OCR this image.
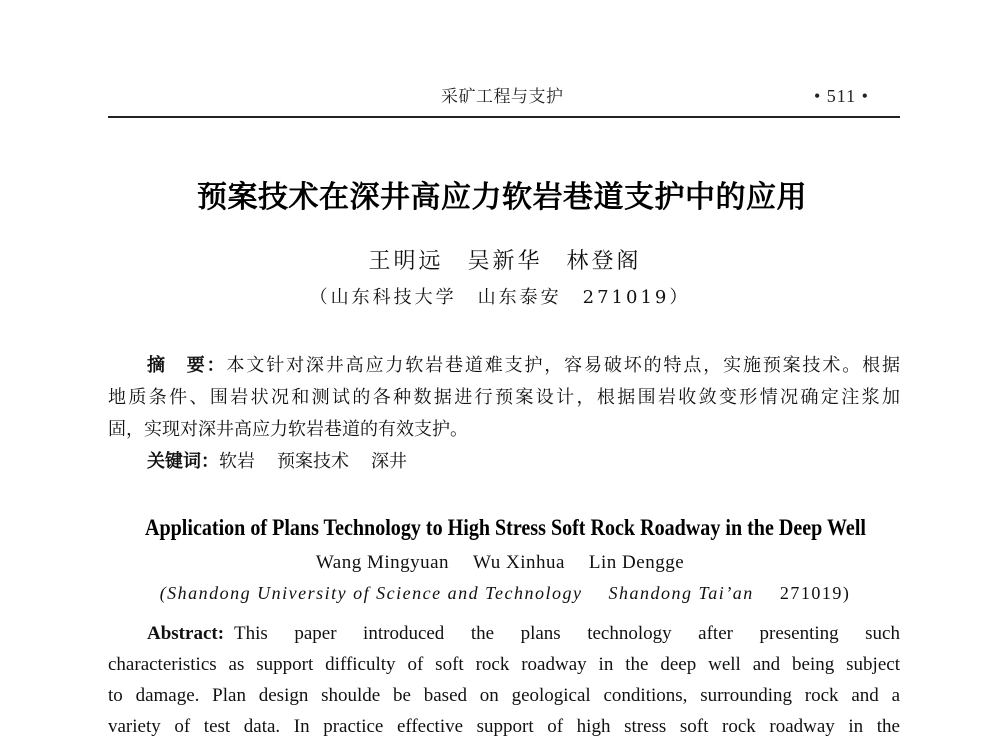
采矿工程与支护	• 511 •
预案技术在深井高应力软岩巷道支护中的应用
王明远 吴新华 林登阁
（山东科技大学　山东泰安　271019）
摘　要：本文针对深井高应力软岩巷道难支护，容易破坏的特点，实施预案技术。根据
地质条件、围岩状况和测试的各种数据进行预案设计，根据围岩收敛变形情况确定注浆加
固，实现对深井高应力软岩巷道的有效支护。
关键词：软岩 预案技术 深井
Application of Plans Technology to High Stress Soft Rock Roadway in the Deep Well
Wang Mingyuan Wu Xinhua Lin Dengge
(Shandong University of Science and Technology Shandong Tai’an 271019)
Abstract: This paper introduced the plans technology after presenting such
characteristics as support difficulty of soft rock roadway in the deep well and being subject
to damage. Plan design shoulde be based on geological conditions, surrounding rock and a
variety of test data. In practice effective support of high stress soft rock roadway in the
